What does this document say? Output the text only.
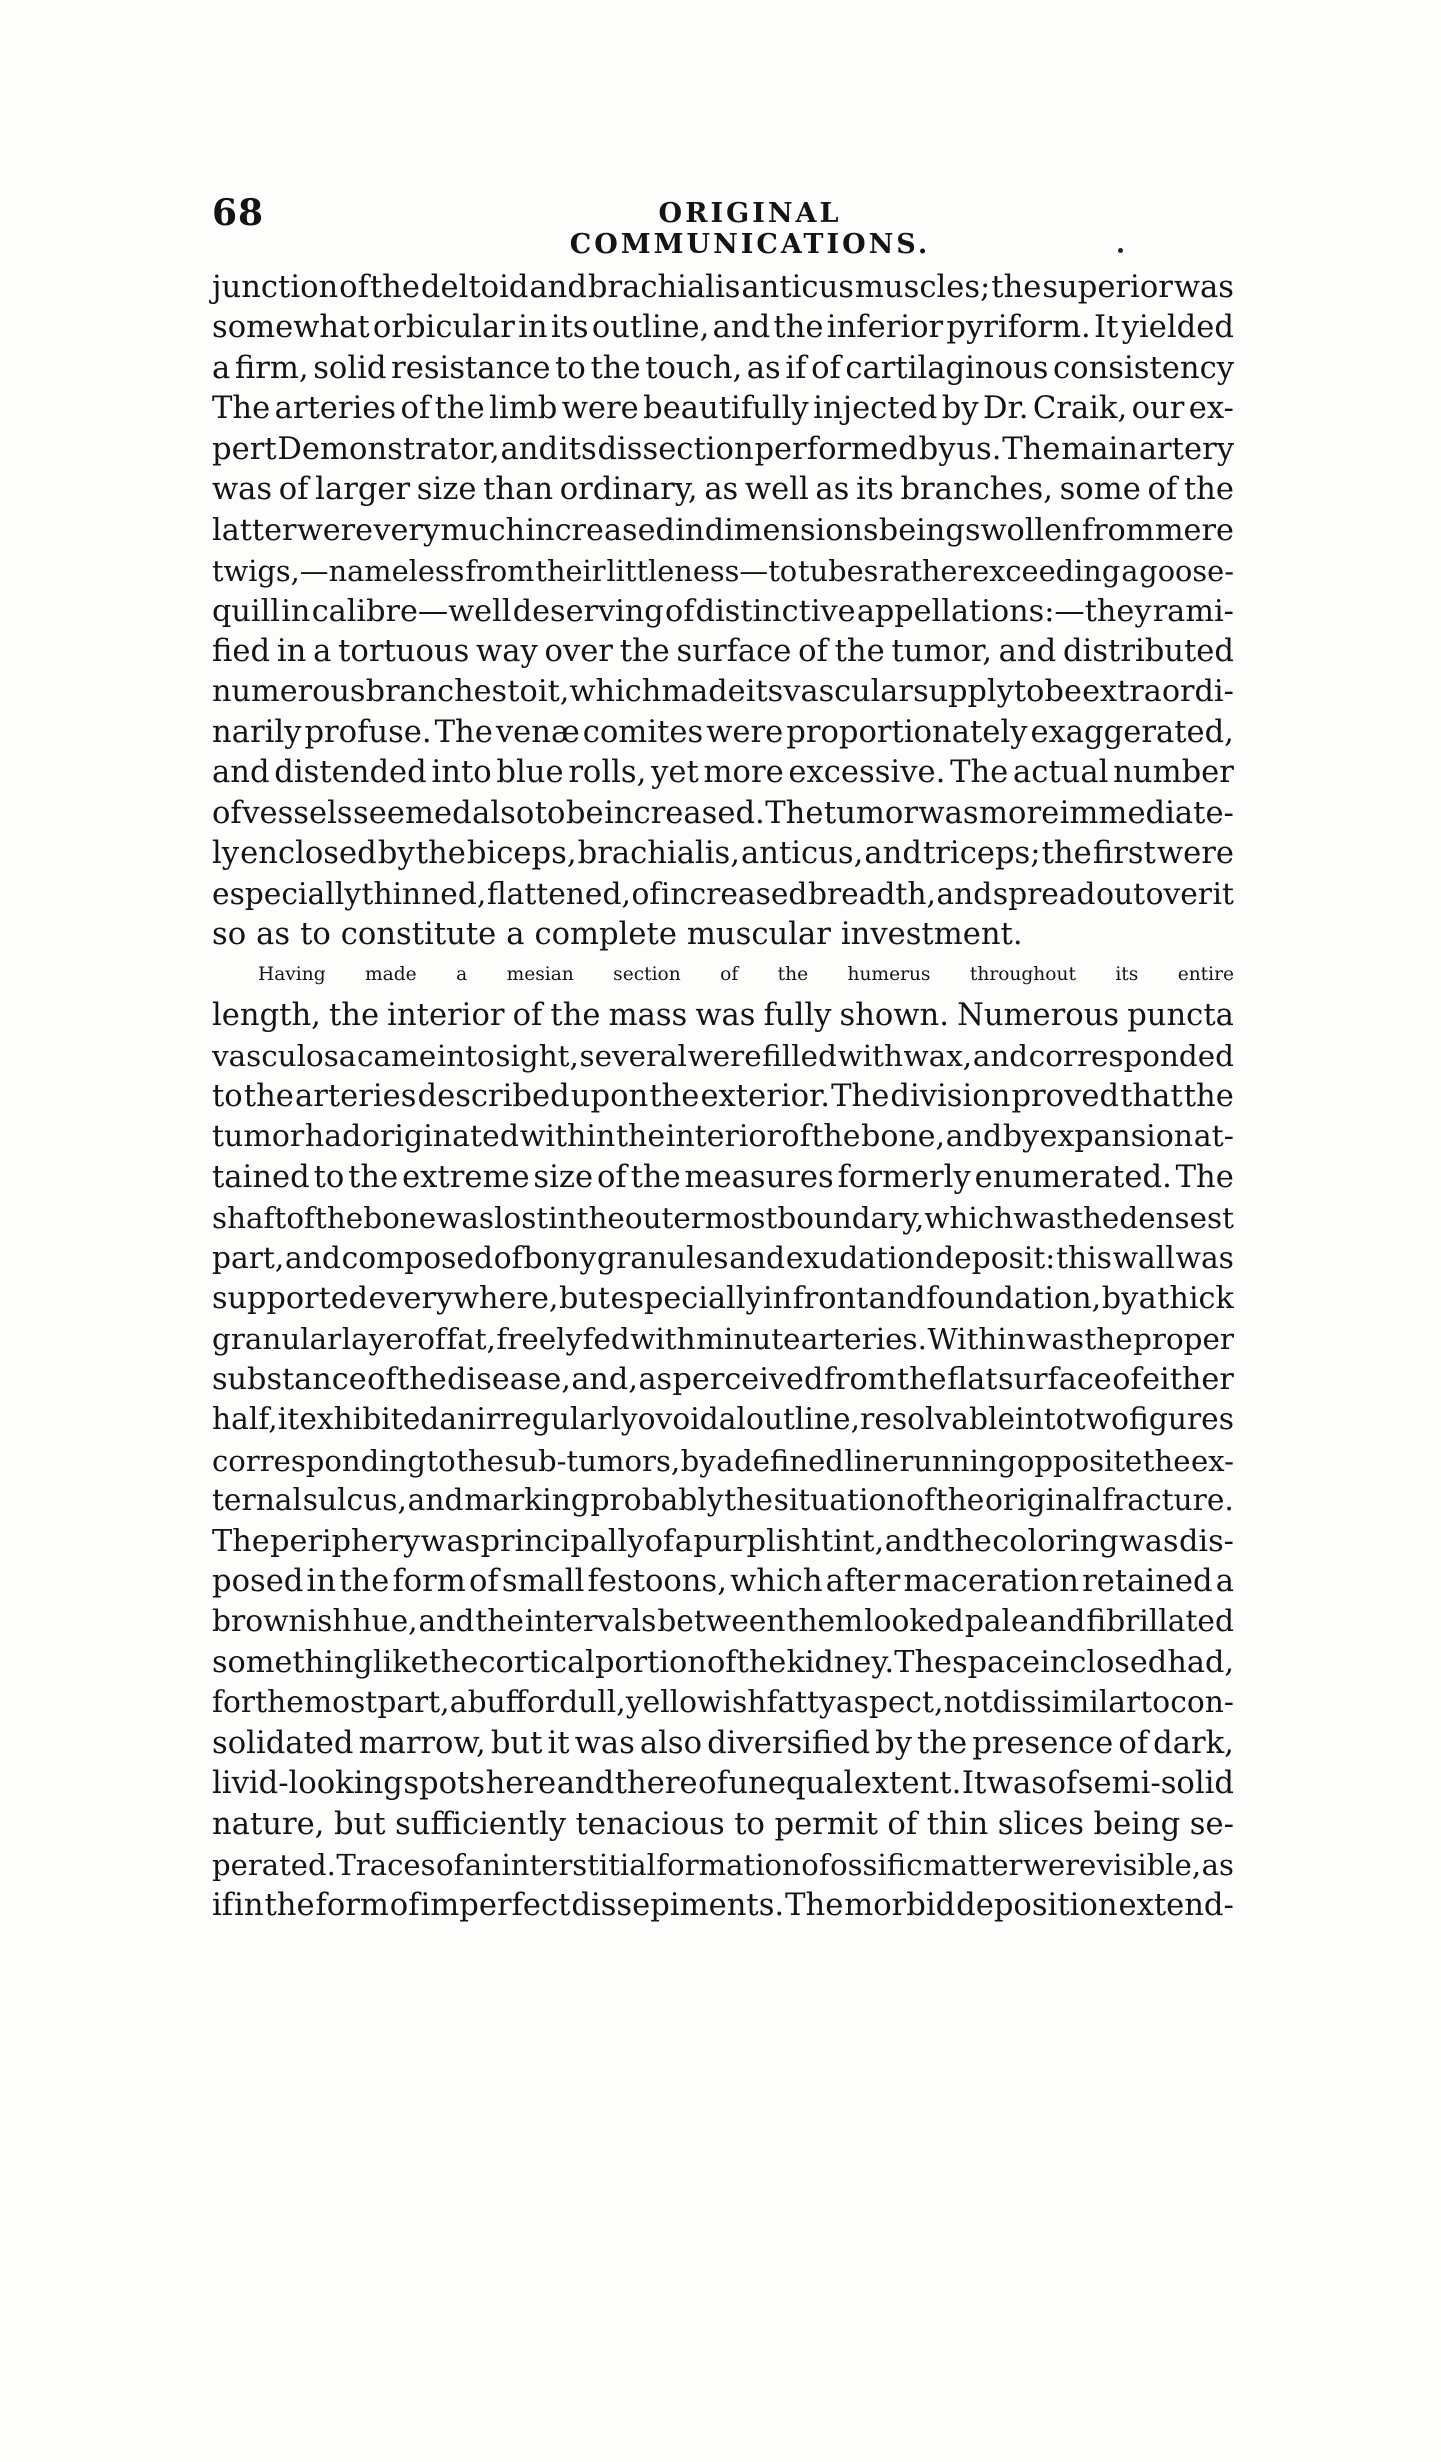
68	ORIGINAL COMMUNICATIONS.
junction of the deltoid and brachialis anticus muscles; the superior was
somewhat orbicular in its outline, and the inferior pyriform. It yielded
a firm, solid resistance to the touch, as if of cartilaginous consistency
The arteries of the limb were beautifully injected by Dr. Craik, our ex-
pert Demonstrator, and its dissection performed by us. The main artery
was of larger size than ordinary, as well as its branches, some of the
latter were very much increased in dimensions being swollen from mere
twigs,—nameless from their littleness—to tubes rather exceeding a goose-
quill in calibre—well deserving of distinctive appellations:—they rami-
fied in a tortuous way over the surface of the tumor, and distributed
numerous branches to it, which made its vascular supply to be extraordi-
narily profuse. The venæ comites were proportionately exaggerated,
and distended into blue rolls, yet more excessive. The actual number
of vessels seemed also to be increased. The tumor was more immediate-
ly enclosed by the biceps, brachialis, anticus, and triceps; the first were
especially thinned, flattened, of increased breadth, and spread out over it
so as to constitute a complete muscular investment.
Having made a mesian section of the humerus throughout its entire
length, the interior of the mass was fully shown. Numerous puncta
vasculosa came into sight, several were filled with wax, and corresponded
to the arteries described upon the exterior. The division proved that the
tumor had originated within the interior of the bone, and by expansion at-
tained to the extreme size of the measures formerly enumerated. The
shaft of the bone was lost in the outermost boundary, which was the densest
part, and composed of bony granules and exudation deposit: this wall was
supported everywhere, but especially in front and foundation, by a thick
granular layer of fat, freely fed with minute arteries. Within was the proper
substance of the disease, and, as perceived from the flat surface of either
half, it exhibited an irregularly ovoidal outline, resolvable into two figures
corresponding to the sub-tumors, by a defined line running opposite the ex-
ternal sulcus, and marking probably the situation of the original fracture.
The periphery was principally of a purplish tint, and the coloring was dis-
posed in the form of small festoons, which after maceration retained a
brownish hue, and the intervals between them looked pale and fibrillated
something like the cortical portion of the kidney. The space inclosed had,
for the most part, a buff or dull, yellowish fatty aspect, not dissimilar to con-
solidated marrow, but it was also diversified by the presence of dark,
livid-looking spots here and there of unequal extent. It was of semi-solid
nature, but sufficiently tenacious to permit of thin slices being se-
perated. Traces of an interstitial formation of ossific matter were visible, as
if in the form of imperfect dissepiments. The morbid deposition extend-
